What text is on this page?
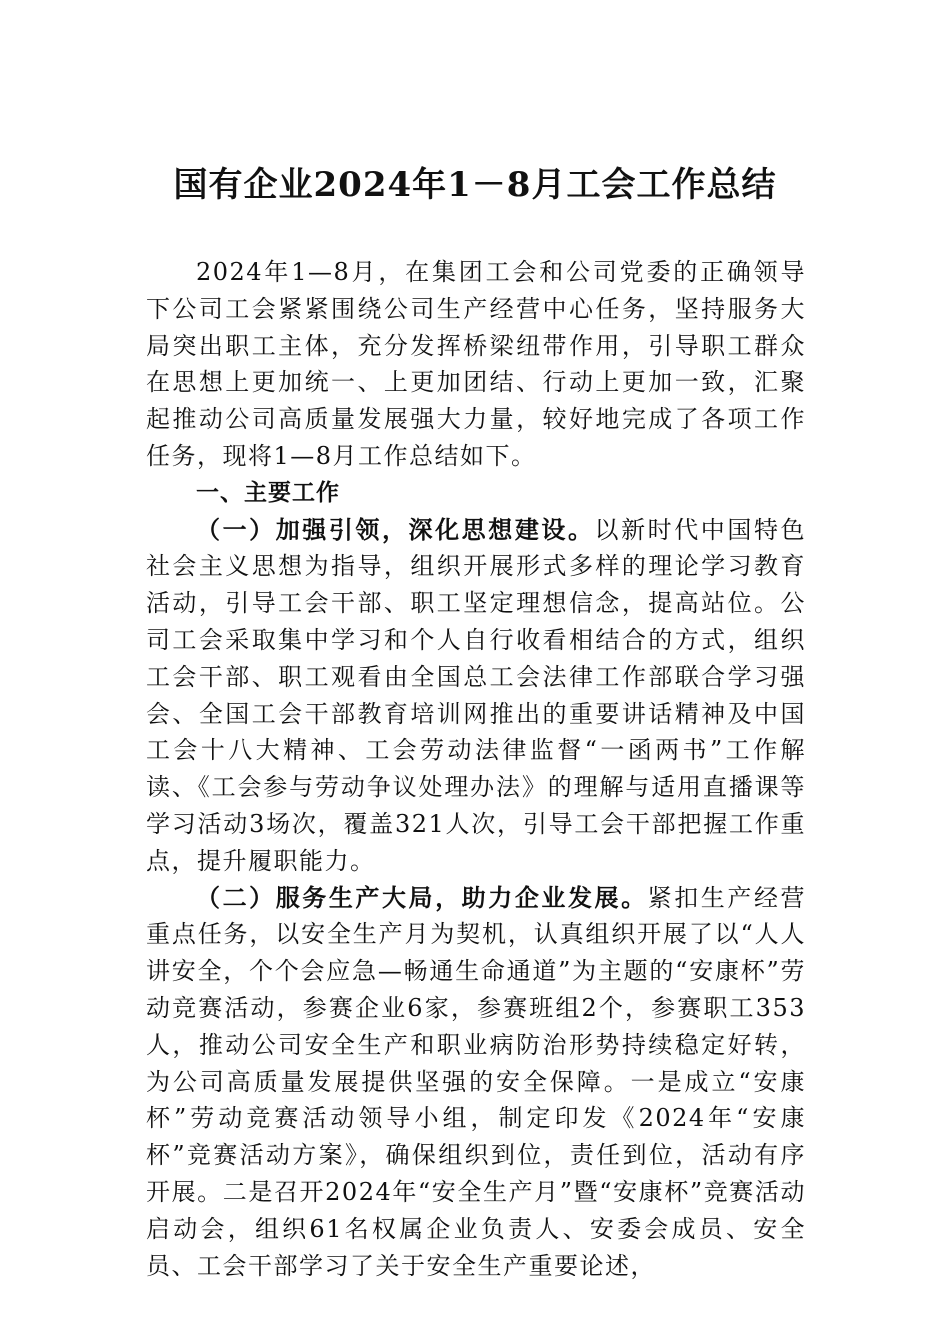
国有企业2024年1－8月工会工作总结

2024年1—8月，在集团工会和公司党委的正确领导下公司工会紧紧围绕公司生产经营中心任务，坚持服务大局突出职工主体，充分发挥桥梁纽带作用，引导职工群众在思想上更加统一、上更加团结、行动上更加一致，汇聚起推动公司高质量发展强大力量，较好地完成了各项工作任务，现将1—8月工作总结如下。

一、主要工作

（一）加强引领，深化思想建设。以新时代中国特色社会主义思想为指导，组织开展形式多样的理论学习教育活动，引导工会干部、职工坚定理想信念，提高站位。公司工会采取集中学习和个人自行收看相结合的方式，组织工会干部、职工观看由全国总工会法律工作部联合学习强会、全国工会干部教育培训网推出的重要讲话精神及中国工会十八大精神、工会劳动法律监督“一函两书”工作解读、《工会参与劳动争议处理办法》的理解与适用直播课等学习活动3场次，覆盖321人次，引导工会干部把握工作重点，提升履职能力。

（二）服务生产大局，助力企业发展。紧扣生产经营重点任务，以安全生产月为契机，认真组织开展了以“人人讲安全，个个会应急—畅通生命通道”为主题的“安康杯”劳动竞赛活动，参赛企业6家，参赛班组2个，参赛职工353人，推动公司安全生产和职业病防治形势持续稳定好转，为公司高质量发展提供坚强的安全保障。一是成立“安康杯”劳动竞赛活动领导小组，制定印发《2024年“安康杯”竞赛活动方案》，确保组织到位，责任到位，活动有序开展。二是召开2024年“安全生产月”暨“安康杯”竞赛活动启动会，组织61名权属企业负责人、安委会成员、安全员、工会干部学习了关于安全生产重要论述，
